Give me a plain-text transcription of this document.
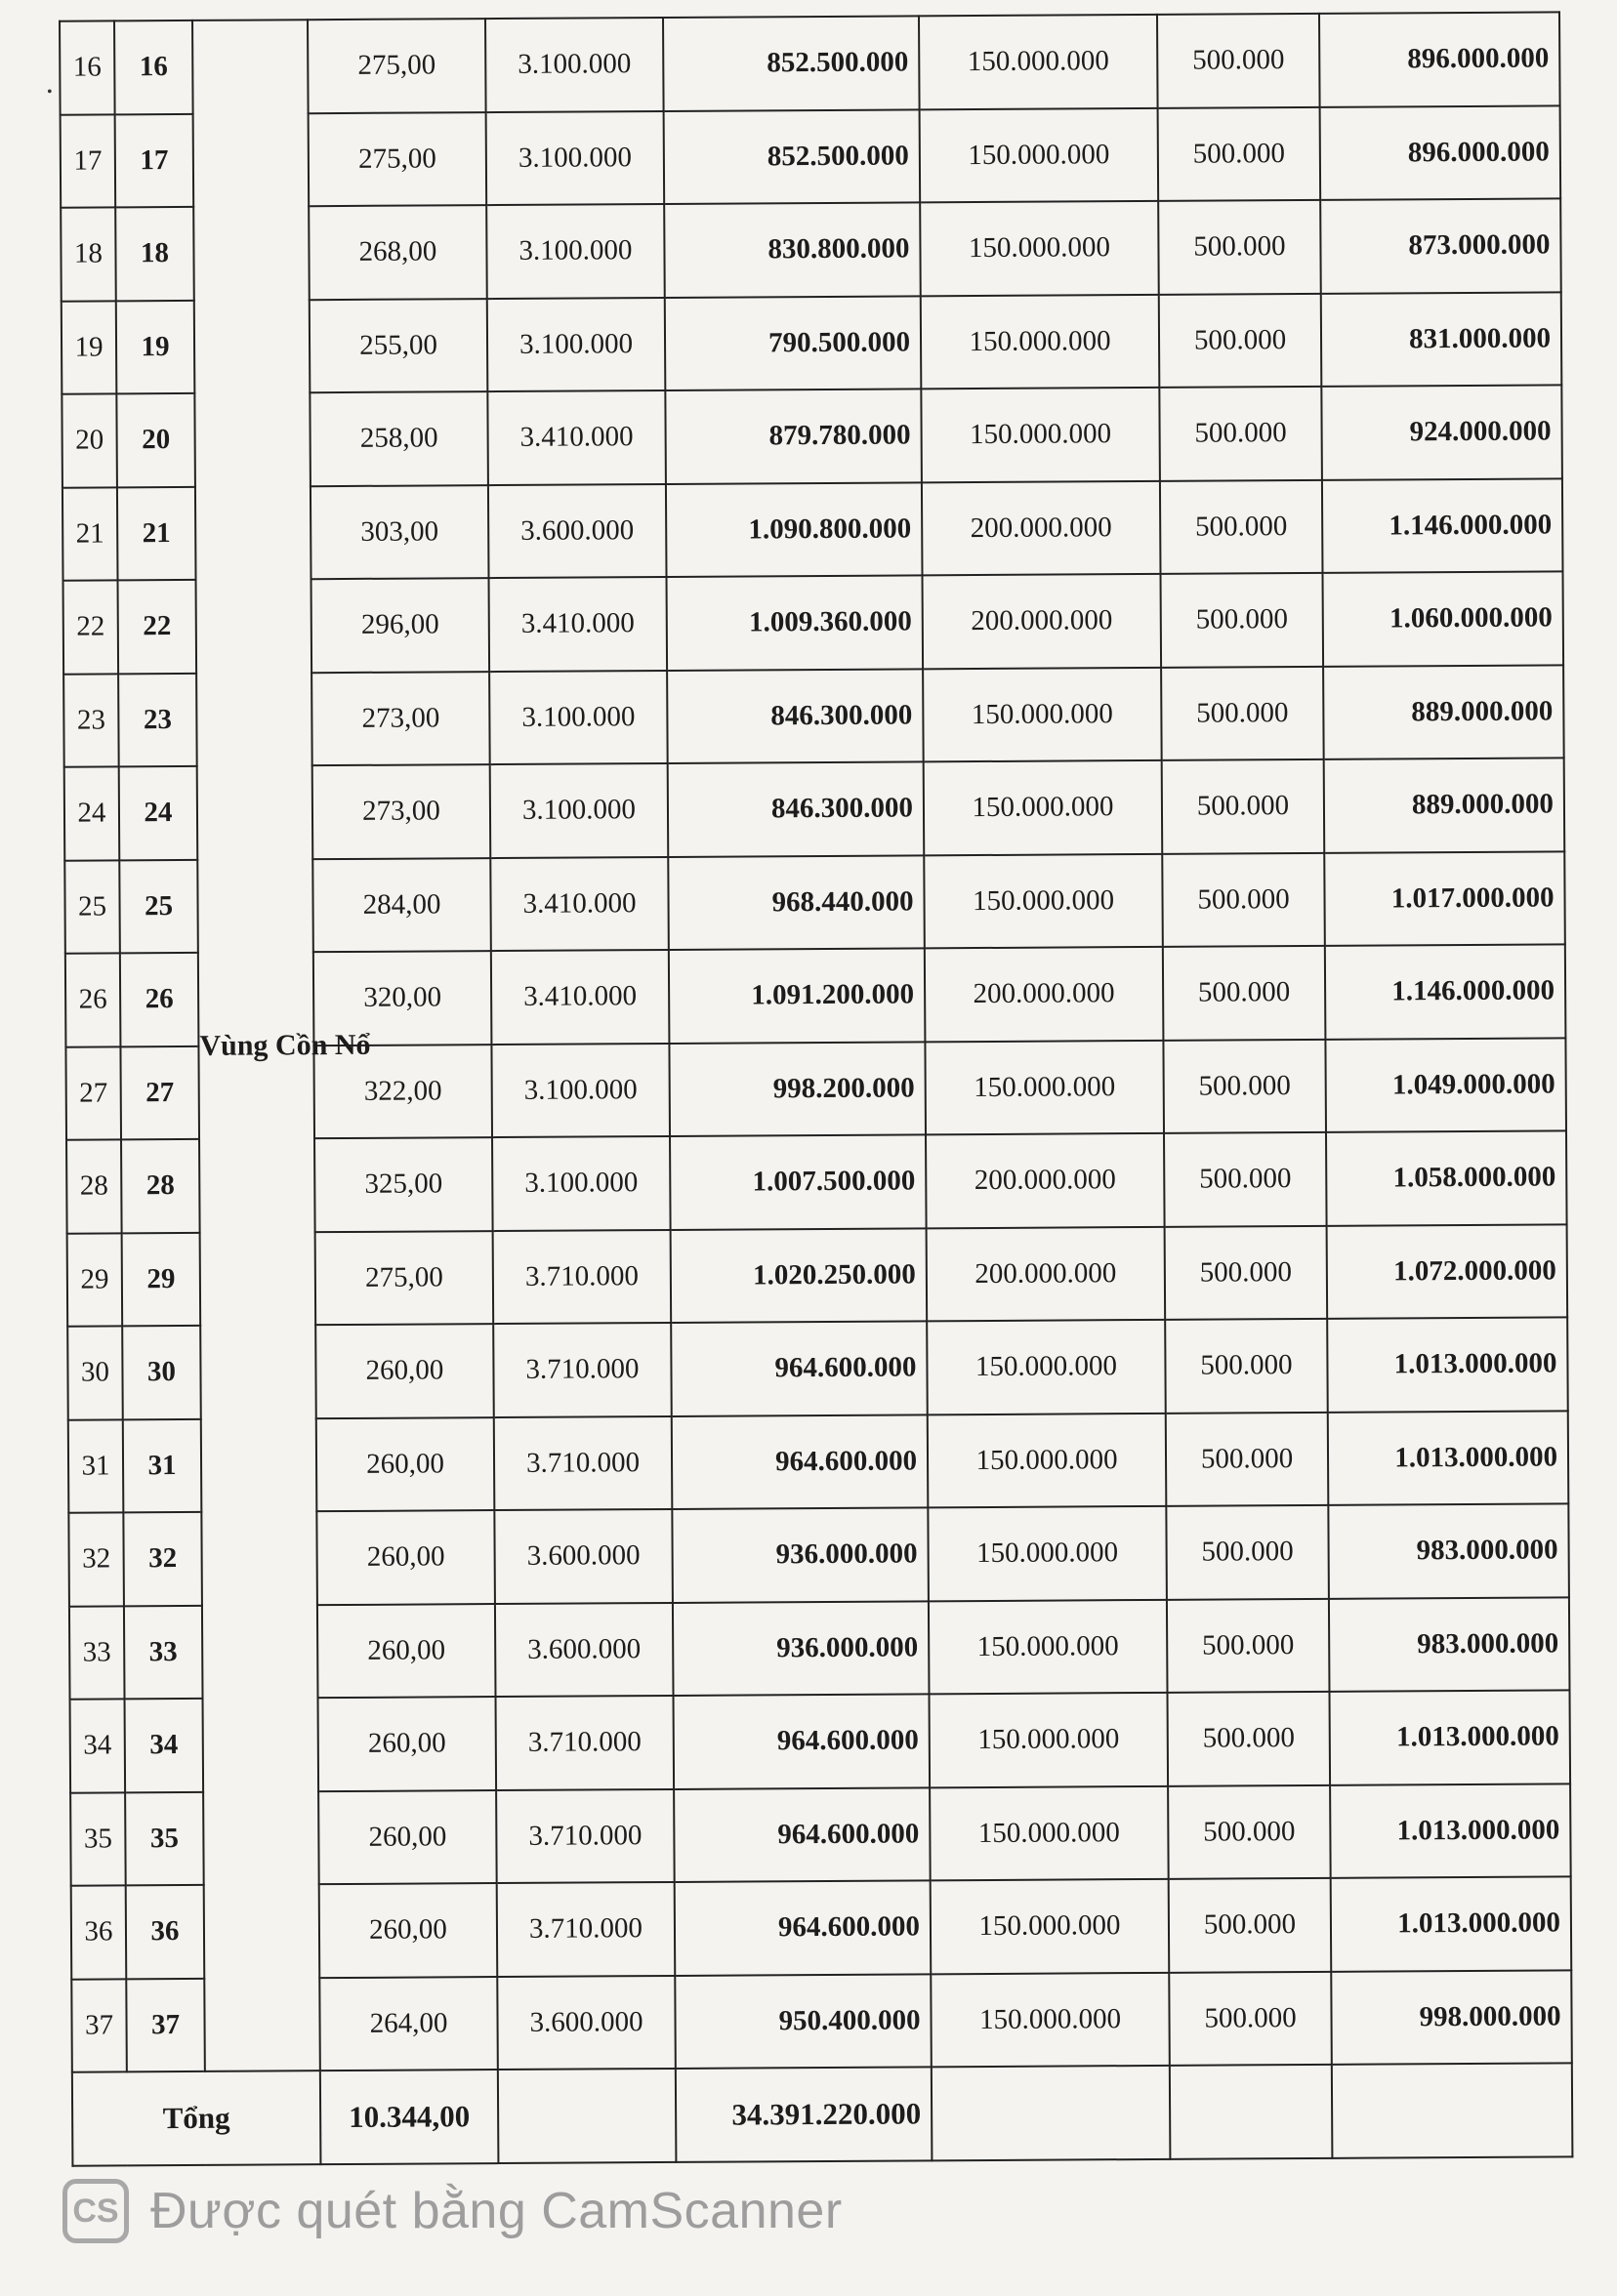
•
16	16	Vùng Cồn Nổ	275,00	3.100.000	852.500.000	150.000.000	500.000	896.000.000
17	17		275,00	3.100.000	852.500.000	150.000.000	500.000	896.000.000
18	18		268,00	3.100.000	830.800.000	150.000.000	500.000	873.000.000
19	19		255,00	3.100.000	790.500.000	150.000.000	500.000	831.000.000
20	20		258,00	3.410.000	879.780.000	150.000.000	500.000	924.000.000
21	21		303,00	3.600.000	1.090.800.000	200.000.000	500.000	1.146.000.000
22	22		296,00	3.410.000	1.009.360.000	200.000.000	500.000	1.060.000.000
23	23		273,00	3.100.000	846.300.000	150.000.000	500.000	889.000.000
24	24		273,00	3.100.000	846.300.000	150.000.000	500.000	889.000.000
25	25		284,00	3.410.000	968.440.000	150.000.000	500.000	1.017.000.000
26	26		320,00	3.410.000	1.091.200.000	200.000.000	500.000	1.146.000.000
27	27		322,00	3.100.000	998.200.000	150.000.000	500.000	1.049.000.000
28	28		325,00	3.100.000	1.007.500.000	200.000.000	500.000	1.058.000.000
29	29		275,00	3.710.000	1.020.250.000	200.000.000	500.000	1.072.000.000
30	30		260,00	3.710.000	964.600.000	150.000.000	500.000	1.013.000.000
31	31		260,00	3.710.000	964.600.000	150.000.000	500.000	1.013.000.000
32	32		260,00	3.600.000	936.000.000	150.000.000	500.000	983.000.000
33	33		260,00	3.600.000	936.000.000	150.000.000	500.000	983.000.000
34	34		260,00	3.710.000	964.600.000	150.000.000	500.000	1.013.000.000
35	35		260,00	3.710.000	964.600.000	150.000.000	500.000	1.013.000.000
36	36		260,00	3.710.000	964.600.000	150.000.000	500.000	1.013.000.000
37	37		264,00	3.600.000	950.400.000	150.000.000	500.000	998.000.000
Tổng			10.344,00		34.391.220.000			
CS Được quét bằng CamScanner
